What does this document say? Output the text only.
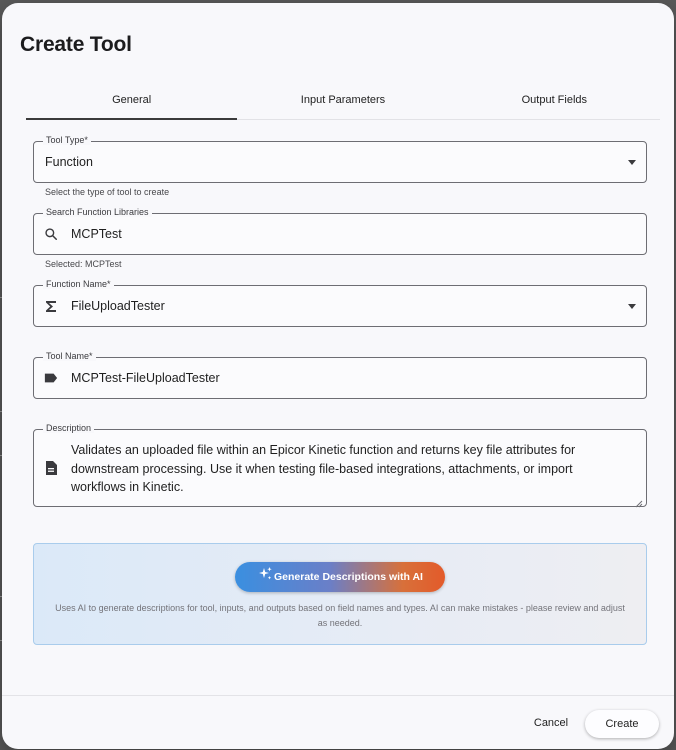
Create Tool
General	Input Parameters	Output Fields
Tool Type*
Function
Select the type of tool to create
Search Function Libraries
MCPTest
Selected: MCPTest
Function Name*
FileUploadTester
Tool Name*
MCPTest-FileUploadTester
Description
Validates an uploaded file within an Epicor Kinetic function and returns key file attributes for downstream processing. Use it when testing file-based integrations, attachments, or import workflows in Kinetic.
Generate Descriptions with AI
Uses AI to generate descriptions for tool, inputs, and outputs based on field names and types. AI can make mistakes - please review and adjust as needed.
Cancel	Create
